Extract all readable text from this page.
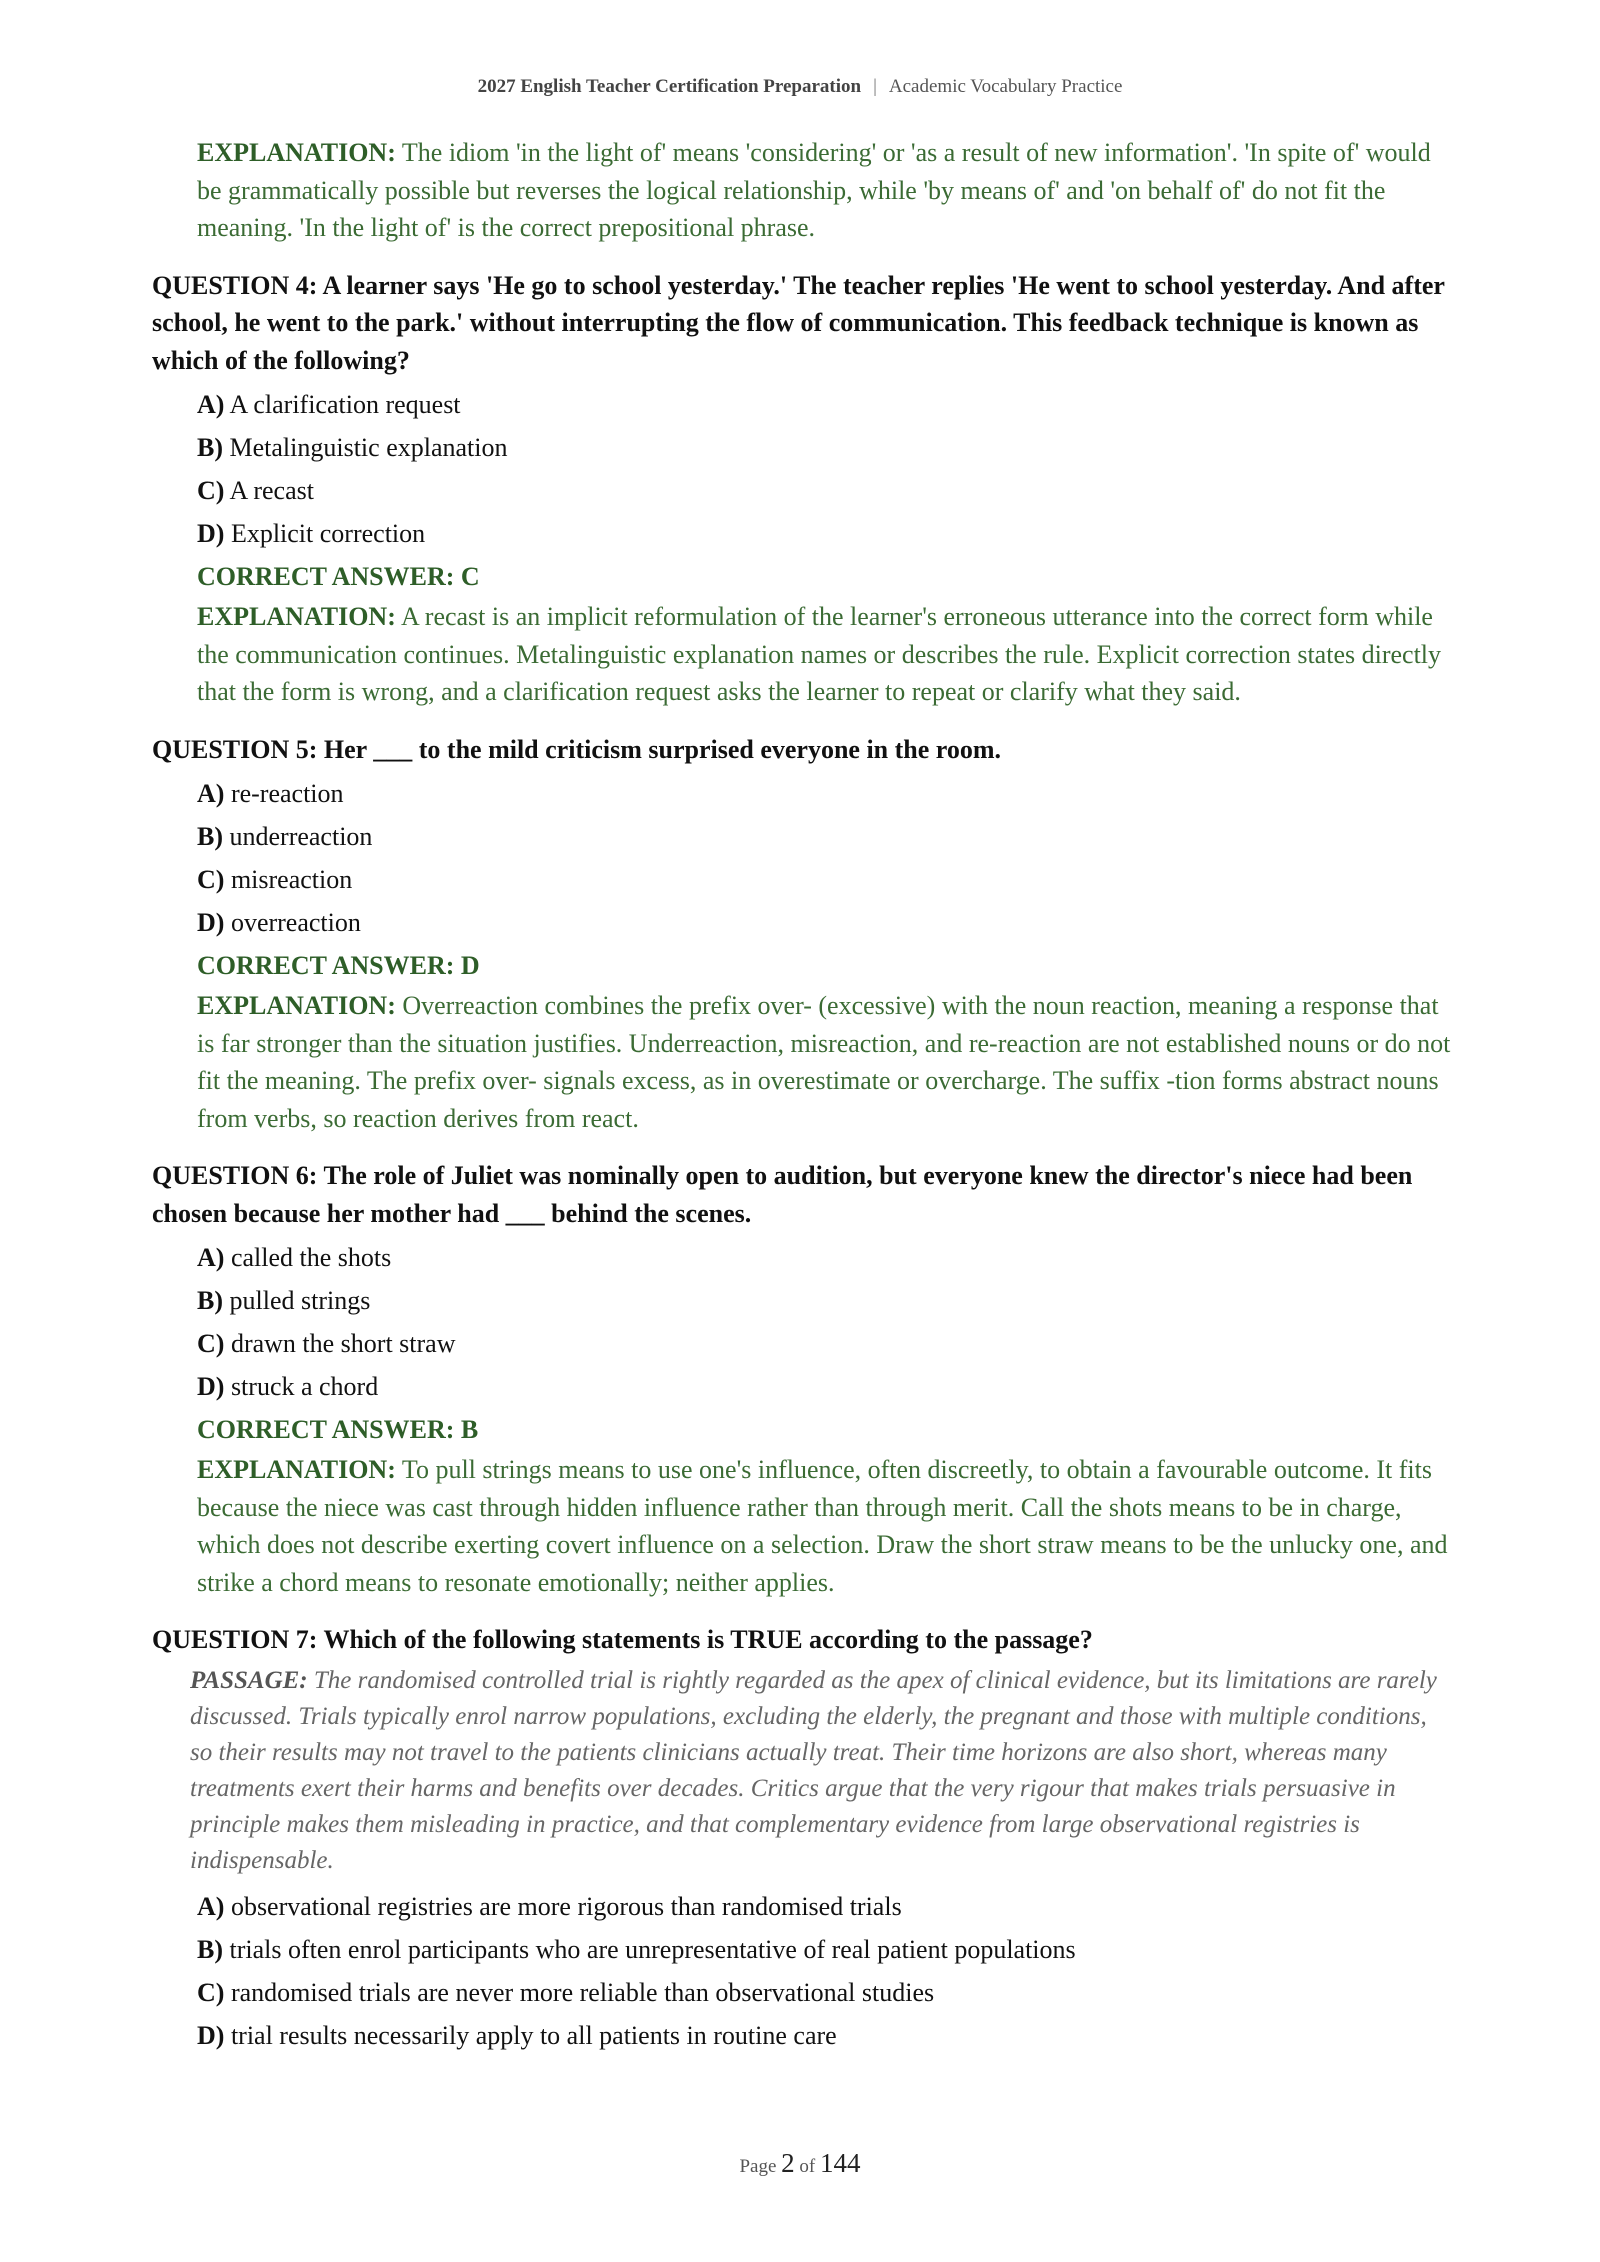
2027 English Teacher Certification Preparation | Academic Vocabulary Practice
EXPLANATION: The idiom 'in the light of' means 'considering' or 'as a result of new information'. 'In spite of' would be grammatically possible but reverses the logical relationship, while 'by means of' and 'on behalf of' do not fit the meaning. 'In the light of' is the correct prepositional phrase.
QUESTION 4: A learner says 'He go to school yesterday.' The teacher replies 'He went to school yesterday. And after school, he went to the park.' without interrupting the flow of communication. This feedback technique is known as which of the following?
A) A clarification request
B) Metalinguistic explanation
C) A recast
D) Explicit correction
CORRECT ANSWER: C
EXPLANATION: A recast is an implicit reformulation of the learner's erroneous utterance into the correct form while the communication continues. Metalinguistic explanation names or describes the rule. Explicit correction states directly that the form is wrong, and a clarification request asks the learner to repeat or clarify what they said.
QUESTION 5: Her ___ to the mild criticism surprised everyone in the room.
A) re-reaction
B) underreaction
C) misreaction
D) overreaction
CORRECT ANSWER: D
EXPLANATION: Overreaction combines the prefix over- (excessive) with the noun reaction, meaning a response that is far stronger than the situation justifies. Underreaction, misreaction, and re-reaction are not established nouns or do not fit the meaning. The prefix over- signals excess, as in overestimate or overcharge. The suffix -tion forms abstract nouns from verbs, so reaction derives from react.
QUESTION 6: The role of Juliet was nominally open to audition, but everyone knew the director's niece had been chosen because her mother had ___ behind the scenes.
A) called the shots
B) pulled strings
C) drawn the short straw
D) struck a chord
CORRECT ANSWER: B
EXPLANATION: To pull strings means to use one's influence, often discreetly, to obtain a favourable outcome. It fits because the niece was cast through hidden influence rather than through merit. Call the shots means to be in charge, which does not describe exerting covert influence on a selection. Draw the short straw means to be the unlucky one, and strike a chord means to resonate emotionally; neither applies.
QUESTION 7: Which of the following statements is TRUE according to the passage?
PASSAGE: The randomised controlled trial is rightly regarded as the apex of clinical evidence, but its limitations are rarely discussed. Trials typically enrol narrow populations, excluding the elderly, the pregnant and those with multiple conditions, so their results may not travel to the patients clinicians actually treat. Their time horizons are also short, whereas many treatments exert their harms and benefits over decades. Critics argue that the very rigour that makes trials persuasive in principle makes them misleading in practice, and that complementary evidence from large observational registries is indispensable.
A) observational registries are more rigorous than randomised trials
B) trials often enrol participants who are unrepresentative of real patient populations
C) randomised trials are never more reliable than observational studies
D) trial results necessarily apply to all patients in routine care
Page 2 of 144
